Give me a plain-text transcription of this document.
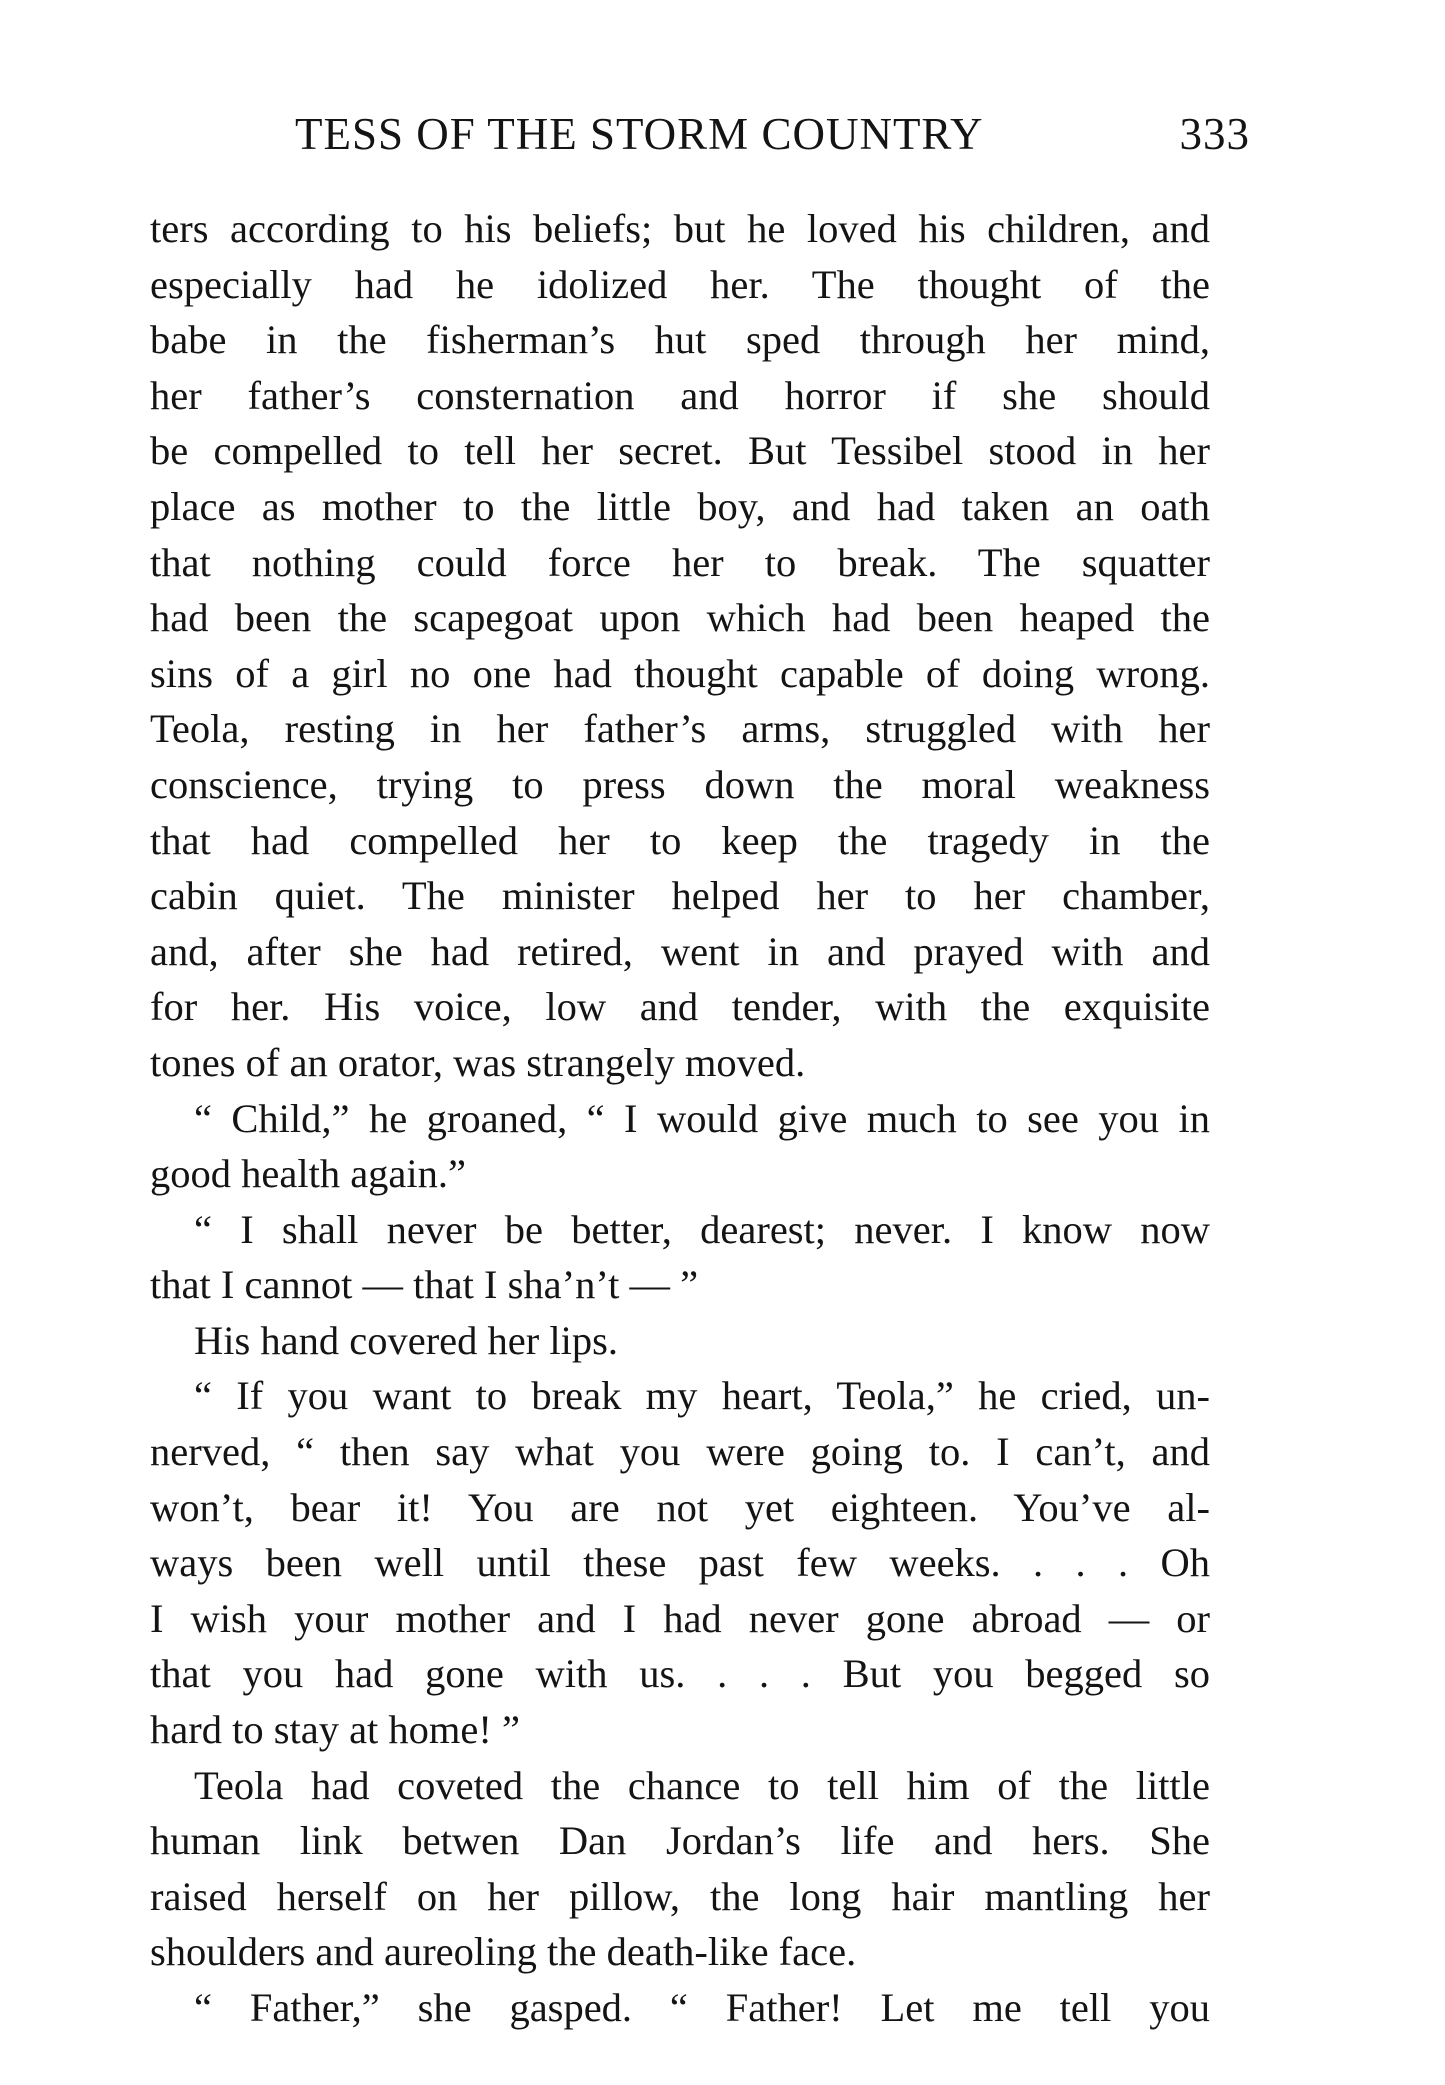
TESS OF THE STORM COUNTRY	333
ters according to his beliefs; but he loved his children, and
especially had he idolized her. The thought of the
babe in the fisherman’s hut sped through her mind,
her father’s consternation and horror if she should
be compelled to tell her secret. But Tessibel stood in her
place as mother to the little boy, and had taken an oath
that nothing could force her to break. The squatter
had been the scapegoat upon which had been heaped the
sins of a girl no one had thought capable of doing wrong.
Teola, resting in her father’s arms, struggled with her
conscience, trying to press down the moral weakness
that had compelled her to keep the tragedy in the
cabin quiet. The minister helped her to her chamber,
and, after she had retired, went in and prayed with and
for her. His voice, low and tender, with the exquisite
tones of an orator, was strangely moved.
“ Child,” he groaned, “ I would give much to see you in
good health again.”
“ I shall never be better, dearest; never. I know now
that I cannot — that I sha’n’t — ”
His hand covered her lips.
“ If you want to break my heart, Teola,” he cried, un-
nerved, “ then say what you were going to. I can’t, and
won’t, bear it! You are not yet eighteen. You’ve al-
ways been well until these past few weeks. . . . Oh
I wish your mother and I had never gone abroad — or
that you had gone with us. . . . But you begged so
hard to stay at home! ”
Teola had coveted the chance to tell him of the little
human link betwen Dan Jordan’s life and hers. She
raised herself on her pillow, the long hair mantling her
shoulders and aureoling the death-like face.
“ Father,” she gasped. “ Father! Let me tell you
